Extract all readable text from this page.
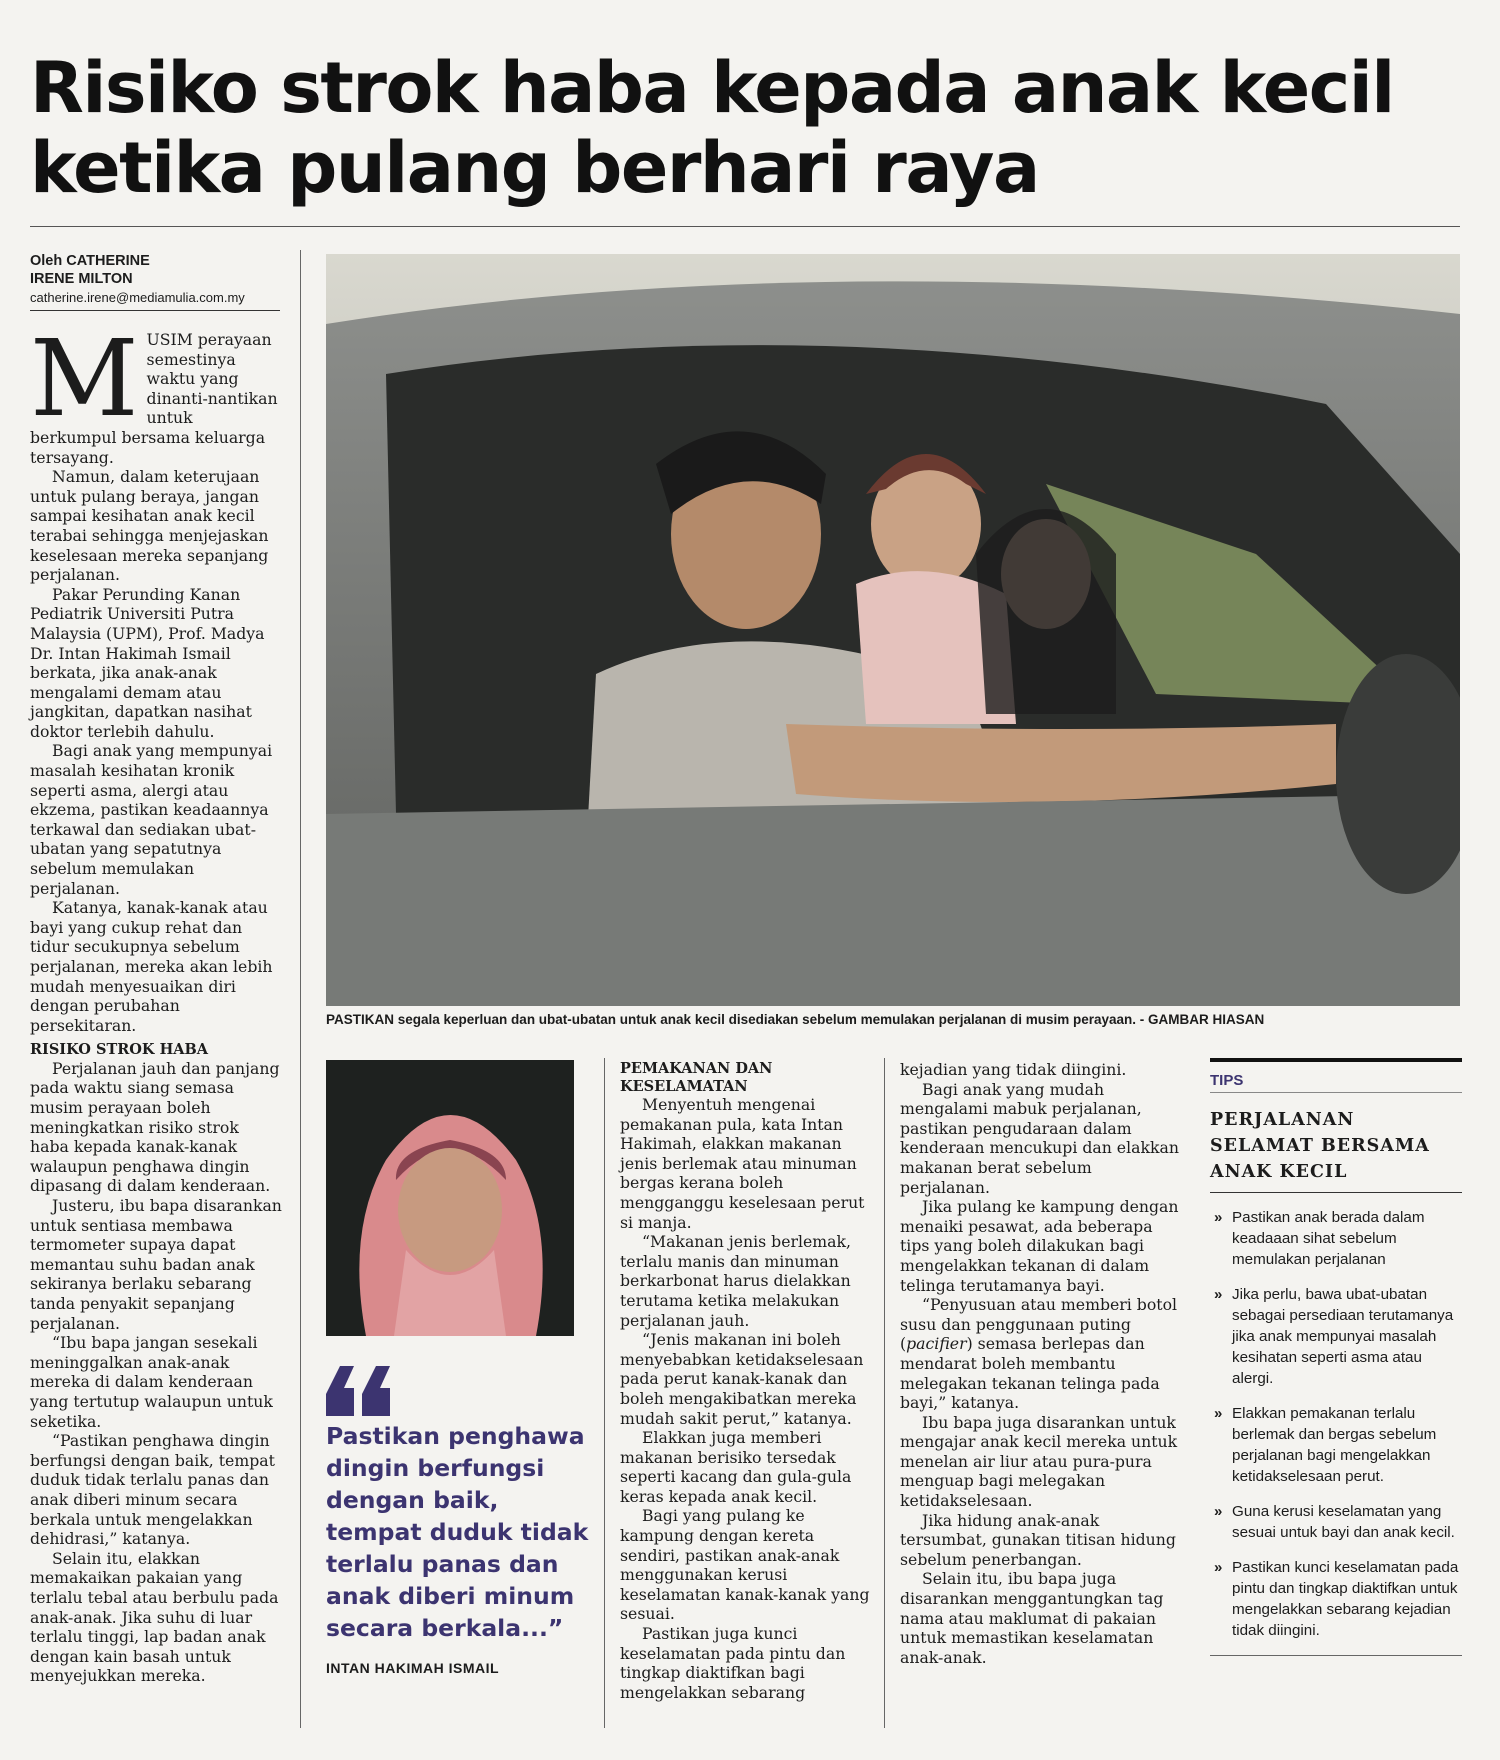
Risiko strok haba kepada anak kecil
ketika pulang berhari raya
Oleh CATHERINE
IRENE MILTON
catherine.irene@mediamulia.com.my
M USIM perayaan semestinya waktu yang dinanti-nantikan untuk berkumpul bersama keluarga tersayang.

Namun, dalam keterujaan untuk pulang beraya, jangan sampai kesihatan anak kecil terabai sehingga menjejaskan keselesaan mereka sepanjang perjalanan.

Pakar Perunding Kanan Pediatrik Universiti Putra Malaysia (UPM), Prof. Madya Dr. Intan Hakimah Ismail berkata, jika anak-anak mengalami demam atau jangkitan, dapatkan nasihat doktor terlebih dahulu.

Bagi anak yang mempunyai masalah kesihatan kronik seperti asma, alergi atau ekzema, pastikan keadaannya terkawal dan sediakan ubat-ubatan yang sepatutnya sebelum memulakan perjalanan.

Katanya, kanak-kanak atau bayi yang cukup rehat dan tidur secukupnya sebelum perjalanan, mereka akan lebih mudah menyesuaikan diri dengan perubahan persekitaran.

RISIKO STROK HABA

Perjalanan jauh dan panjang pada waktu siang semasa musim perayaan boleh meningkatkan risiko strok haba kepada kanak-kanak walaupun penghawa dingin dipasang di dalam kenderaan.

Justeru, ibu bapa disarankan untuk sentiasa membawa termometer supaya dapat memantau suhu badan anak sekiranya berlaku sebarang tanda penyakit sepanjang perjalanan.

“Ibu bapa jangan sesekali meninggalkan anak-anak mereka di dalam kenderaan yang tertutup walaupun untuk seketika.

“Pastikan penghawa dingin berfungsi dengan baik, tempat duduk tidak terlalu panas dan anak diberi minum secara berkala untuk mengelakkan dehidrasi,” katanya.

Selain itu, elakkan memakaikan pakaian yang terlalu tebal atau berbulu pada anak-anak. Jika suhu di luar terlalu tinggi, lap badan anak dengan kain basah untuk menyejukkan mereka.

PASTIKAN segala keperluan dan ubat-ubatan untuk anak kecil disediakan sebelum memulakan perjalanan di musim perayaan. - GAMBAR HIASAN
Pastikan penghawa dingin berfungsi dengan baik, tempat duduk tidak terlalu panas dan anak diberi minum secara berkala...”
INTAN HAKIMAH ISMAIL
PEMAKANAN DAN KESELAMATAN

Menyentuh mengenai pemakanan pula, kata Intan Hakimah, elakkan makanan jenis berlemak atau minuman bergas kerana boleh mengganggu keselesaan perut si manja.

“Makanan jenis berlemak, terlalu manis dan minuman berkarbonat harus dielakkan terutama ketika melakukan perjalanan jauh.

“Jenis makanan ini boleh menyebabkan ketidakselesaan pada perut kanak-kanak dan boleh mengakibatkan mereka mudah sakit perut,” katanya.

Elakkan juga memberi makanan berisiko tersedak seperti kacang dan gula-gula keras kepada anak kecil.

Bagi yang pulang ke kampung dengan kereta sendiri, pastikan anak-anak menggunakan kerusi keselamatan kanak-kanak yang sesuai.

Pastikan juga kunci keselamatan pada pintu dan tingkap diaktifkan bagi mengelakkan sebarang

kejadian yang tidak diingini.

Bagi anak yang mudah mengalami mabuk perjalanan, pastikan pengudaraan dalam kenderaan mencukupi dan elakkan makanan berat sebelum perjalanan.

Jika pulang ke kampung dengan menaiki pesawat, ada beberapa tips yang boleh dilakukan bagi mengelakkan tekanan di dalam telinga terutamanya bayi.

“Penyusuan atau memberi botol susu dan penggunaan puting (pacifier) semasa berlepas dan mendarat boleh membantu melegakan tekanan telinga pada bayi,” katanya.

Ibu bapa juga disarankan untuk mengajar anak kecil mereka untuk menelan air liur atau pura-pura menguap bagi melegakan ketidakselesaan.

Jika hidung anak-anak tersumbat, gunakan titisan hidung sebelum penerbangan.

Selain itu, ibu bapa juga disarankan menggantungkan tag nama atau maklumat di pakaian untuk memastikan keselamatan anak-anak.

TIPS
PERJALANAN SELAMAT BERSAMA ANAK KECIL
» Pastikan anak berada dalam keadaaan sihat sebelum memulakan perjalanan
» Jika perlu, bawa ubat-ubatan sebagai persediaan terutamanya jika anak mempunyai masalah kesihatan seperti asma atau alergi.
» Elakkan pemakanan terlalu berlemak dan bergas sebelum perjalanan bagi mengelakkan ketidakselesaan perut.
» Guna kerusi keselamatan yang sesuai untuk bayi dan anak kecil.
» Pastikan kunci keselamatan pada pintu dan tingkap diaktifkan untuk mengelakkan sebarang kejadian tidak diingini.
